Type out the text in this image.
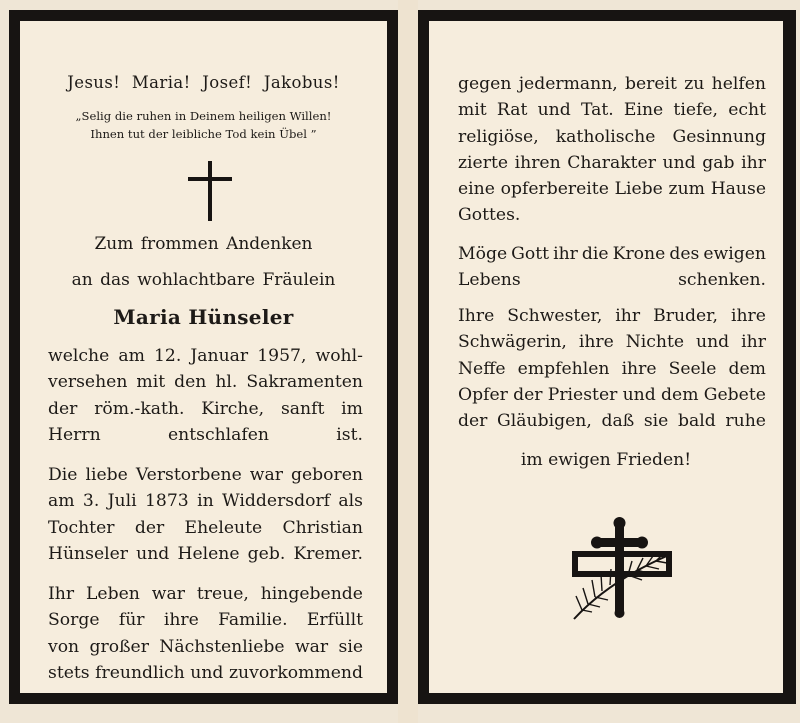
Jesus! Maria! Josef! Jakobus!
„Selig die ruhen in Deinem heiligen Willen!
Ihnen tut der leibliche Tod kein Übel ”
Zum frommen Andenken
an das wohlachtbare Fräulein
Maria Hünseler
welche am 12. Januar 1957, wohl-
versehen mit den hl. Sakramenten
der röm.-kath. Kirche, sanft im
Herrn entschlafen ist.
Die liebe Verstorbene war geboren
am 3. Juli 1873 in Widdersdorf als
Tochter der Eheleute Christian
Hünseler und Helene geb. Kremer.
Ihr Leben war treue, hingebende
Sorge für ihre Familie. Erfüllt
von großer Nächstenliebe war sie
stets freundlich und zuvorkommend
gegen jedermann, bereit zu helfen
mit Rat und Tat. Eine tiefe, echt
religiöse, katholische Gesinnung
zierte ihren Charakter und gab ihr
eine opferbereite Liebe zum Hause
Gottes.
Möge Gott ihr die Krone des ewigen
Lebens schenken.
Ihre Schwester, ihr Bruder, ihre
Schwägerin, ihre Nichte und ihr
Neffe empfehlen ihre Seele dem
Opfer der Priester und dem Gebete
der Gläubigen, daß sie bald ruhe
im ewigen Frieden!
